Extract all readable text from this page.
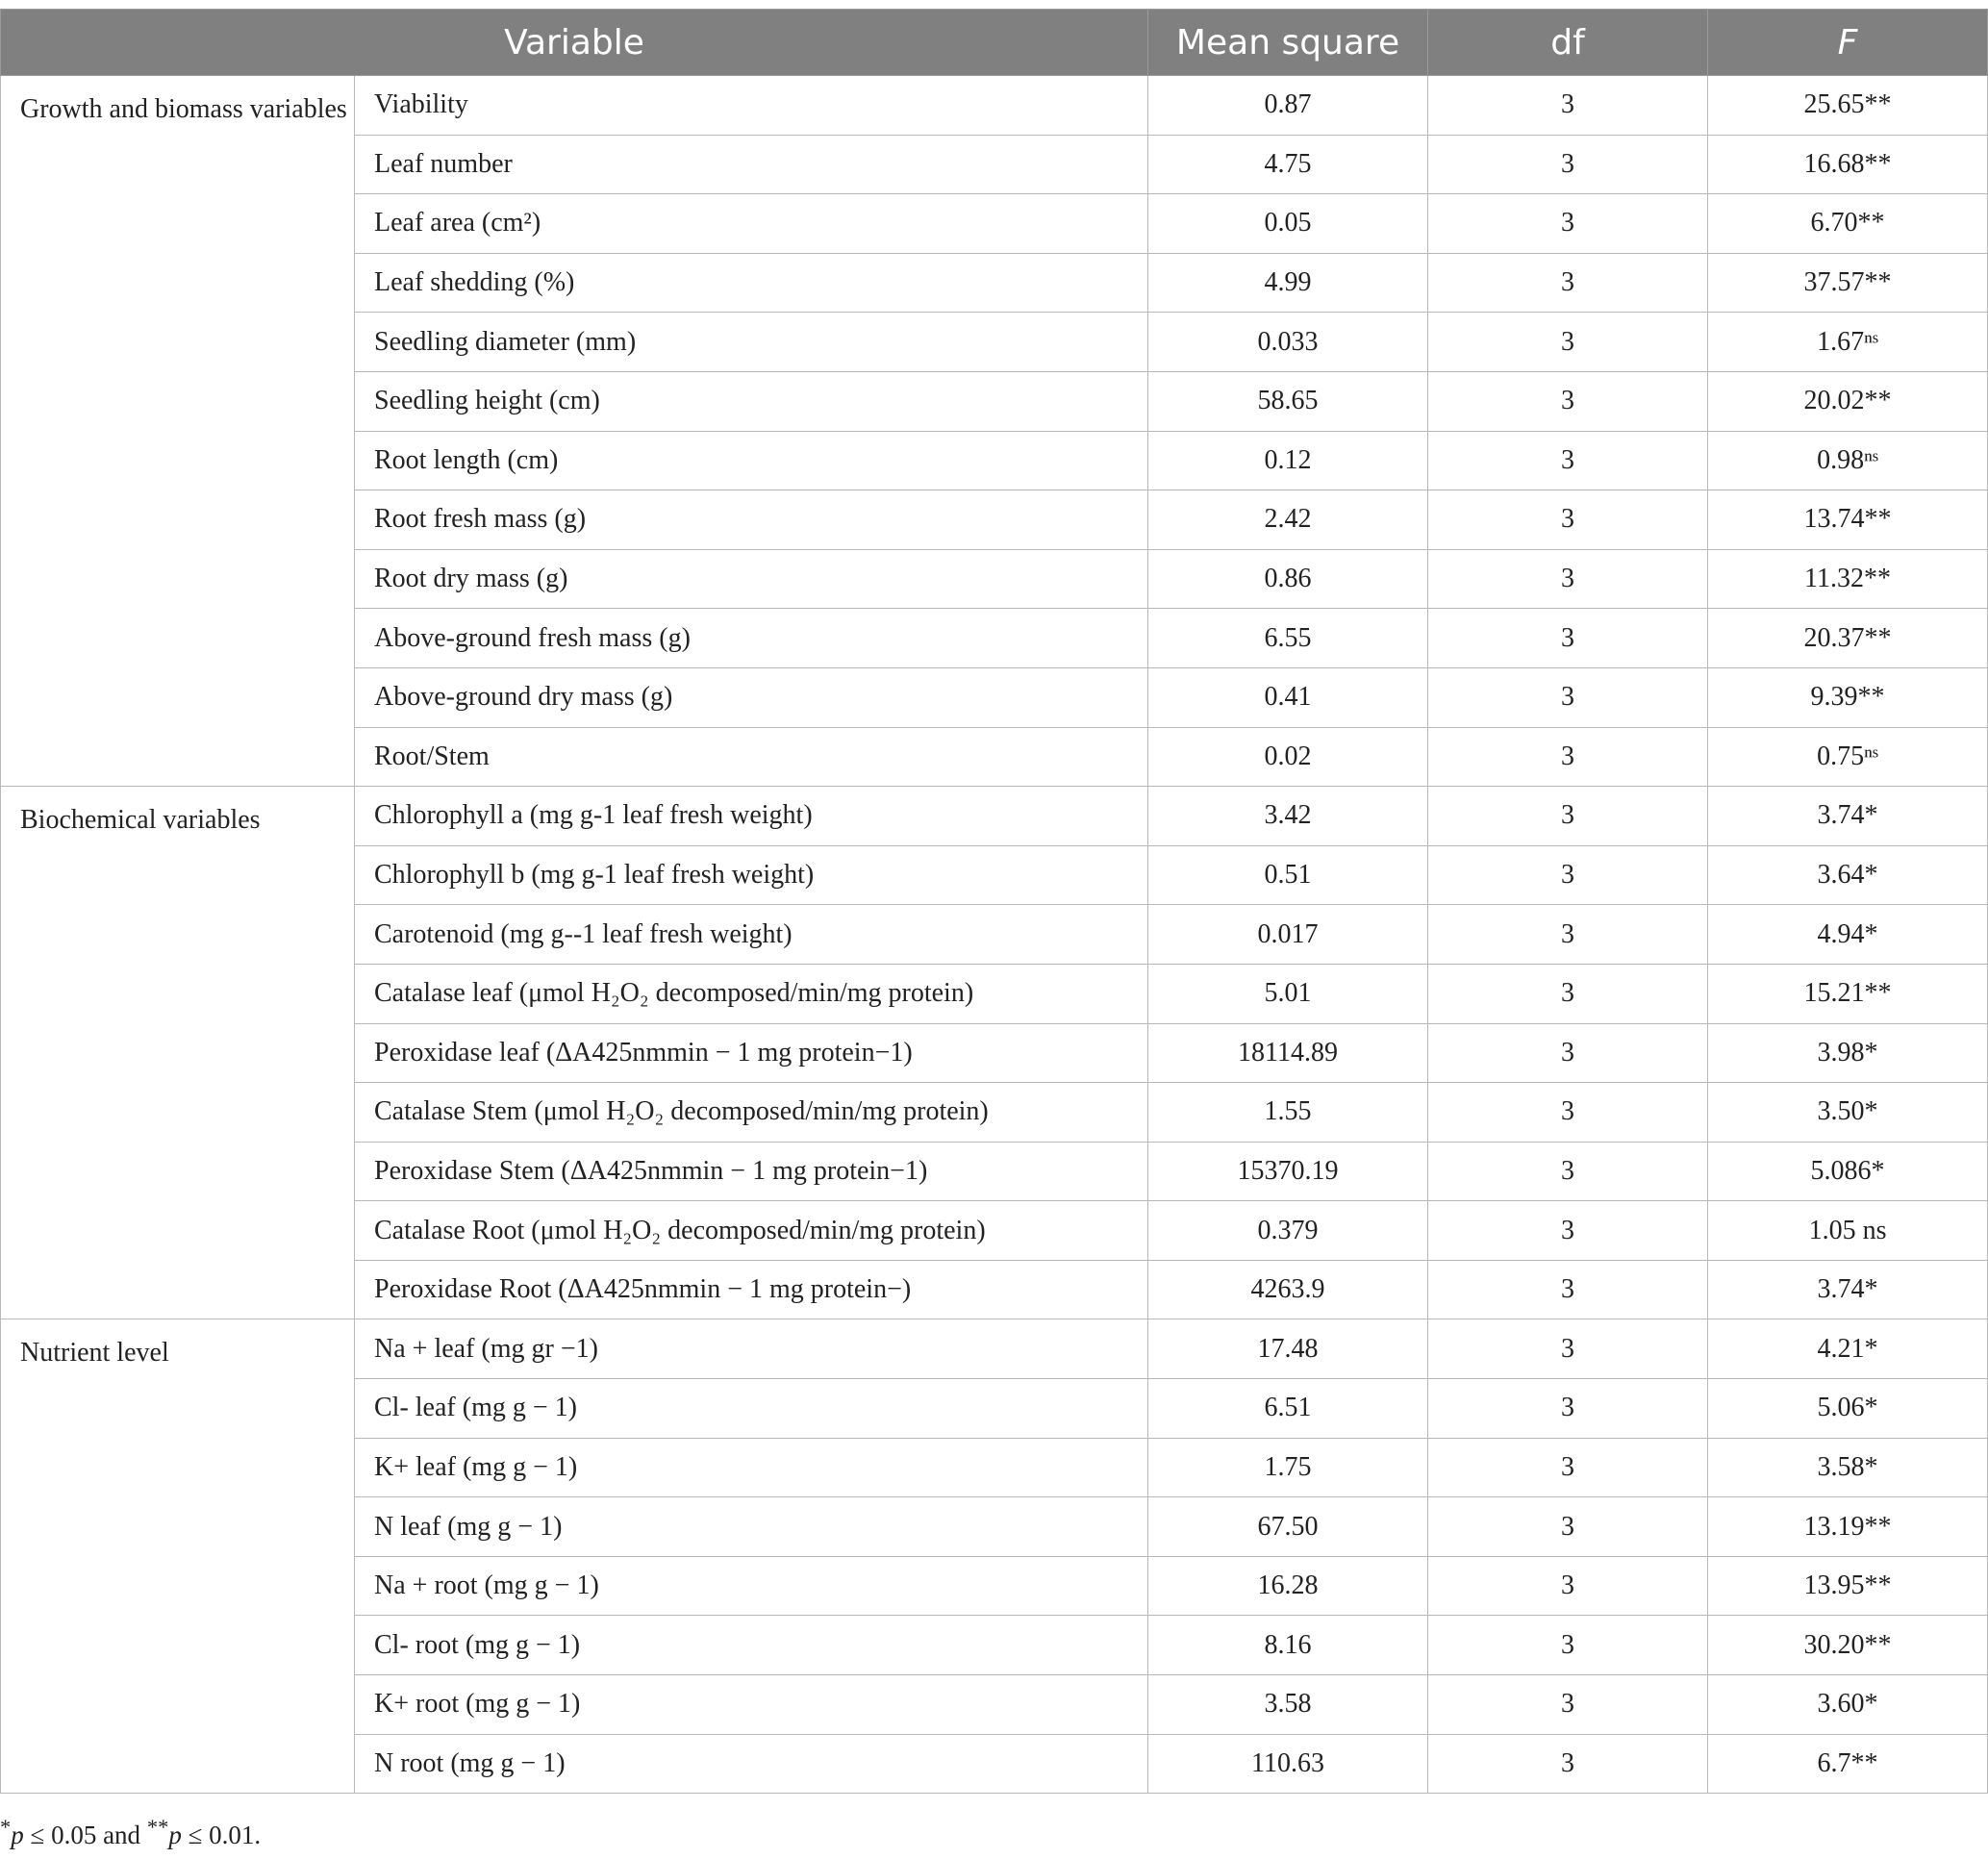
Variable		Mean square	df	F
Growth and biomass variables	Viability	0.87	3	25.65**
	Leaf number	4.75	3	16.68**
	Leaf area (cm²)	0.05	3	6.70**
	Leaf shedding (%)	4.99	3	37.57**
	Seedling diameter (mm)	0.033	3	1.67ⁿˢ
	Seedling height (cm)	58.65	3	20.02**
	Root length (cm)	0.12	3	0.98ⁿˢ
	Root fresh mass (g)	2.42	3	13.74**
	Root dry mass (g)	0.86	3	11.32**
	Above-ground fresh mass (g)	6.55	3	20.37**
	Above-ground dry mass (g)	0.41	3	9.39**
	Root/Stem	0.02	3	0.75ⁿˢ
Biochemical variables	Chlorophyll a (mg g-1 leaf fresh weight)	3.42	3	3.74*
	Chlorophyll b (mg g-1 leaf fresh weight)	0.51	3	3.64*
	Carotenoid (mg g--1 leaf fresh weight)	0.017	3	4.94*
	Catalase leaf (μmol H₂O₂ decomposed/min/mg protein)	5.01	3	15.21**
	Peroxidase leaf (ΔA425nmmin − 1 mg protein−1)	18114.89	3	3.98*
	Catalase Stem (μmol H₂O₂ decomposed/min/mg protein)	1.55	3	3.50*
	Peroxidase Stem (ΔA425nmmin − 1 mg protein−1)	15370.19	3	5.086*
	Catalase Root (μmol H₂O₂ decomposed/min/mg protein)	0.379	3	1.05 ns
	Peroxidase Root (ΔA425nmmin − 1 mg protein−)	4263.9	3	3.74*
Nutrient level	Na + leaf (mg gr −1)	17.48	3	4.21*
	Cl- leaf (mg g − 1)	6.51	3	5.06*
	K+ leaf (mg g − 1)	1.75	3	3.58*
	N leaf (mg g − 1)	67.50	3	13.19**
	Na + root (mg g − 1)	16.28	3	13.95**
	Cl- root (mg g − 1)	8.16	3	30.20**
	K+ root (mg g − 1)	3.58	3	3.60*
	N root (mg g − 1)	110.63	3	6.7**
*p ≤ 0.05 and **p ≤ 0.01.
